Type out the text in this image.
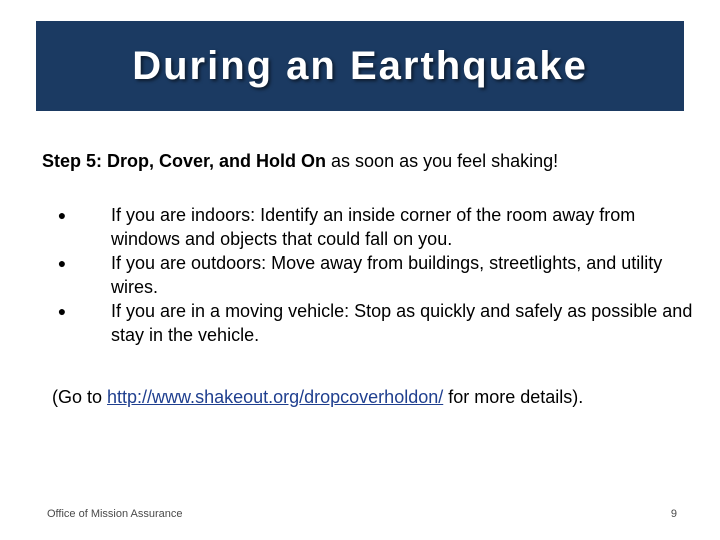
During an Earthquake
Step 5: Drop, Cover, and Hold On as soon as you feel shaking!
● If you are indoors: Identify an inside corner of the room away from windows and objects that could fall on you.
● If you are outdoors: Move away from buildings, streetlights, and utility wires.
● If you are in a moving vehicle: Stop as quickly and safely as possible and stay in the vehicle.
(Go to http://www.shakeout.org/dropcoverholdon/ for more details).
Office of Mission Assurance	9
